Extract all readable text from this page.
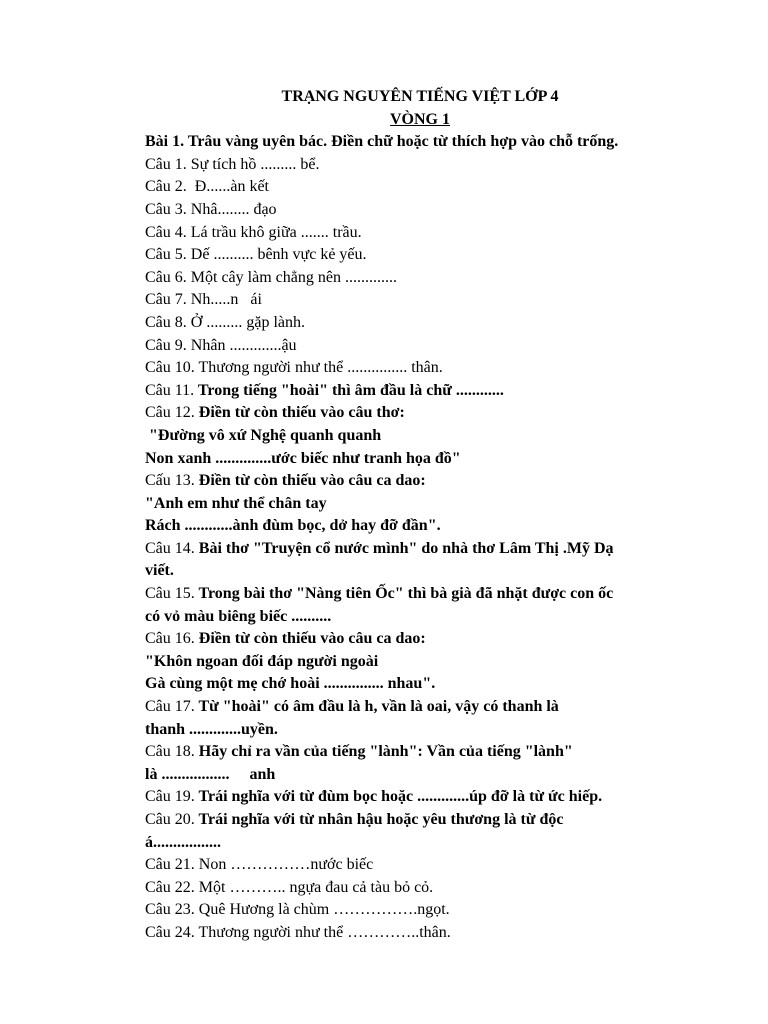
TRẠNG NGUYÊN TIẾNG VIỆT LỚP 4
VÒNG 1
Bài 1. Trâu vàng uyên bác. Điền chữ hoặc từ thích hợp vào chỗ trống.
Câu 1. Sự tích hồ ......... bể.
Câu 2.  Đ......àn kết
Câu 3. Nhâ........ đạo
Câu 4. Lá trầu khô giữa ....... trầu.
Câu 5. Dế .......... bênh vực kẻ yếu.
Câu 6. Một cây làm chẳng nên .............
Câu 7. Nh.....n   ái
Câu 8. Ở ......... gặp lành.
Câu 9. Nhân .............ậu
Câu 10. Thương người như thể ............... thân.
Câu 11. Trong tiếng "hoài" thì âm đầu là chữ ............
Câu 12. Điền từ còn thiếu vào câu thơ:
"Đường vô xứ Nghệ quanh quanh
Non xanh ..............ước biếc như tranh họa đồ"
Cấu 13. Điền từ còn thiếu vào câu ca dao:
"Anh em như thể chân tay
Rách ............ành đùm bọc, dở hay đỡ đần".
Câu 14. Bài thơ "Truyện cổ nước mình" do nhà thơ Lâm Thị .Mỹ Dạ
viết.
Câu 15. Trong bài thơ "Nàng tiên Ốc" thì bà già đã nhặt được con ốc
có vỏ màu biêng biếc ..........
Câu 16. Điền từ còn thiếu vào câu ca dao:
"Khôn ngoan đối đáp người ngoài
Gà cùng một mẹ chớ hoài ............... nhau".
Câu 17. Từ "hoài" có âm đầu là h, vần là oai, vậy có thanh là
thanh .............uyền.
Câu 18. Hãy chỉ ra vần của tiếng "lành": Vần của tiếng "lành"
là .................     anh
Câu 19. Trái nghĩa với từ đùm bọc hoặc .............úp đỡ là từ ức hiếp.
Câu 20. Trái nghĩa với từ nhân hậu hoặc yêu thương là từ độc
á.................
Câu 21. Non ……………nước biếc
Câu 22. Một ……….. ngựa đau cả tàu bỏ cỏ.
Câu 23. Quê Hương là chùm …………….ngọt.
Câu 24. Thương người như thể …………..thân.
